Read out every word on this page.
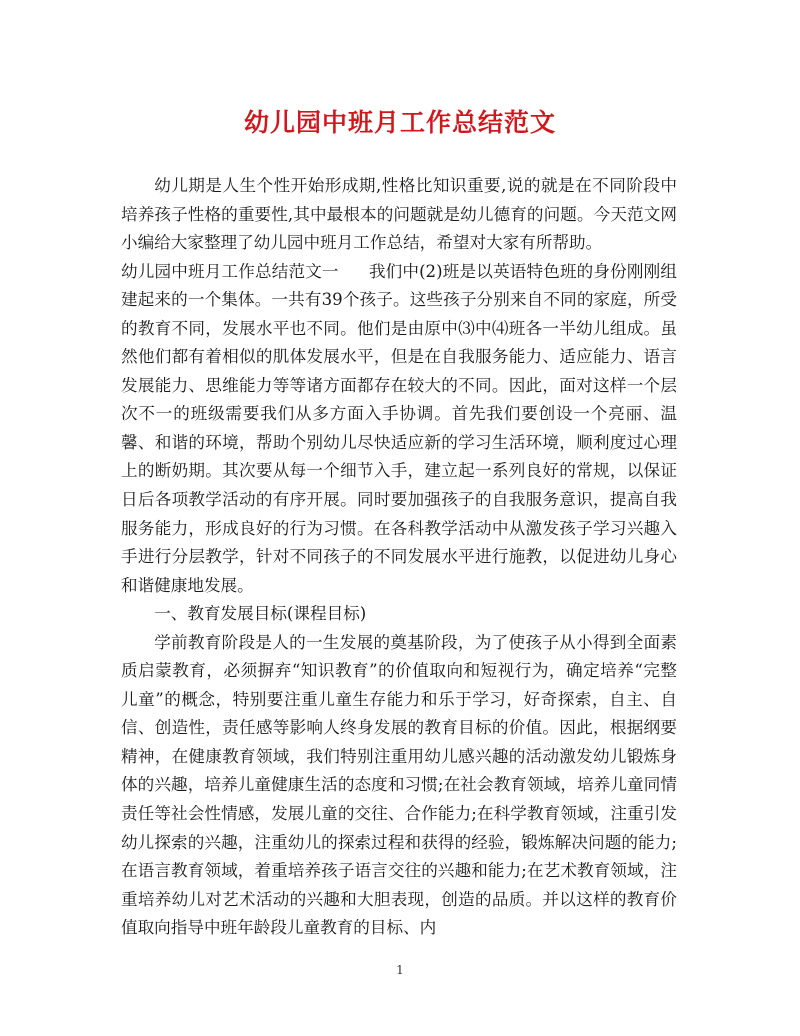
幼儿园中班月工作总结范文

幼儿期是人生个性开始形成期,性格比知识重要,说的就是在不同阶段中培养孩子性格的重要性,其中最根本的问题就是幼儿德育的问题。今天范文网小编给大家整理了幼儿园中班月工作总结，希望对大家有所帮助。

幼儿园中班月工作总结范文一 我们中(2)班是以英语特色班的身份刚刚组建起来的一个集体。一共有39个孩子。这些孩子分别来自不同的家庭，所受的教育不同，发展水平也不同。他们是由原中⑶中⑷班各一半幼儿组成。虽然他们都有着相似的肌体发展水平，但是在自我服务能力、适应能力、语言发展能力、思维能力等等诸方面都存在较大的不同。因此，面对这样一个层次不一的班级需要我们从多方面入手协调。首先我们要创设一个亮丽、温馨、和谐的环境，帮助个别幼儿尽快适应新的学习生活环境，顺利度过心理上的断奶期。其次要从每一个细节入手，建立起一系列良好的常规，以保证日后各项教学活动的有序开展。同时要加强孩子的自我服务意识，提高自我服务能力，形成良好的行为习惯。在各科教学活动中从激发孩子学习兴趣入手进行分层教学，针对不同孩子的不同发展水平进行施教，以促进幼儿身心和谐健康地发展。

一、教育发展目标(课程目标)

学前教育阶段是人的一生发展的奠基阶段，为了使孩子从小得到全面素质启蒙教育，必须摒弃“知识教育”的价值取向和短视行为，确定培养“完整儿童”的概念，特别要注重儿童生存能力和乐于学习，好奇探索，自主、自信、创造性，责任感等影响人终身发展的教育目标的价值。因此，根据纲要精神，在健康教育领域，我们特别注重用幼儿感兴趣的活动激发幼儿锻炼身体的兴趣，培养儿童健康生活的态度和习惯;在社会教育领域，培养儿童同情责任等社会性情感，发展儿童的交往、合作能力;在科学教育领域，注重引发幼儿探索的兴趣，注重幼儿的探索过程和获得的经验，锻炼解决问题的能力;在语言教育领域，着重培养孩子语言交往的兴趣和能力;在艺术教育领域，注重培养幼儿对艺术活动的兴趣和大胆表现，创造的品质。并以这样的教育价值取向指导中班年龄段儿童教育的目标、内

1
